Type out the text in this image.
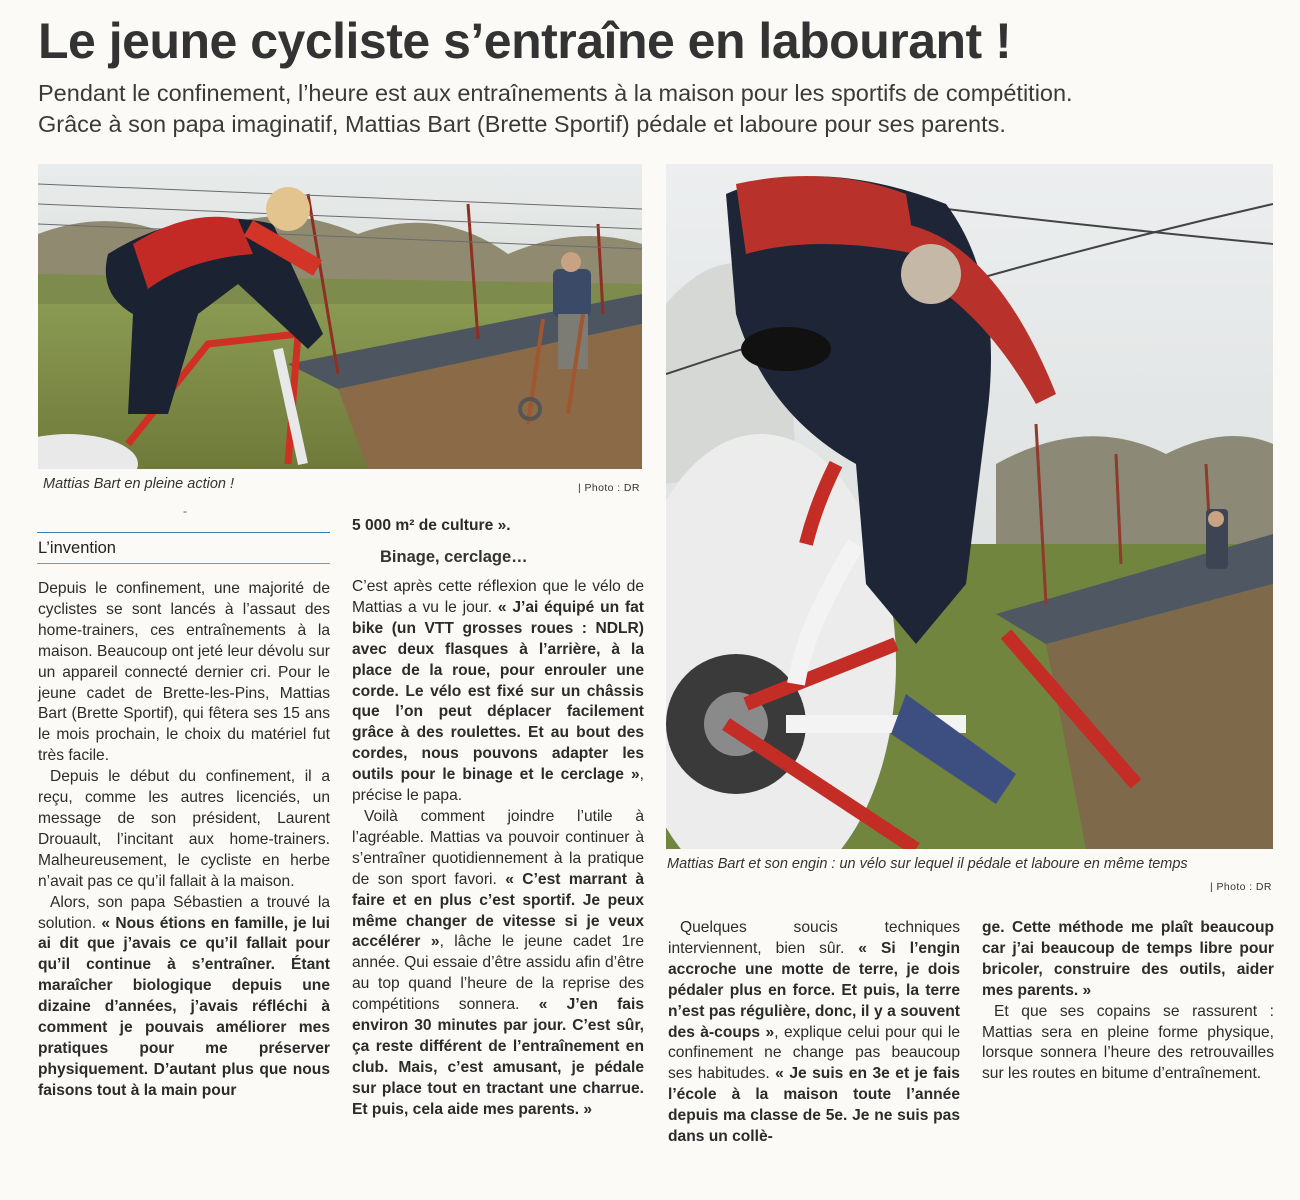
Le jeune cycliste s’entraîne en labourant !
Pendant le confinement, l’heure est aux entraînements à la maison pour les sportifs de compétition.
Grâce à son papa imaginatif, Mattias Bart (Brette Sportif) pédale et laboure pour ses parents.
Mattias Bart en pleine action !	| Photo : DR
Mattias Bart et son engin : un vélo sur lequel il pédale et laboure en même temps
| Photo : DR
-
L’invention

Depuis le confinement, une majorité de cyclistes se sont lancés à l’assaut des home-trainers, ces entraînements à la maison. Beaucoup ont jeté leur dévolu sur un appareil connecté dernier cri. Pour le jeune cadet de Brette-les-Pins, Mattias Bart (Brette Sportif), qui fêtera ses 15 ans le mois prochain, le choix du matériel fut très facile.

Depuis le début du confinement, il a reçu, comme les autres licenciés, un message de son président, Laurent Drouault, l’incitant aux home-trainers. Malheureusement, le cycliste en herbe n’avait pas ce qu’il fallait à la maison.

Alors, son papa Sébastien a trouvé la solution. « Nous étions en famille, je lui ai dit que j’avais ce qu’il fallait pour qu’il continue à s’entraîner. Étant maraîcher biologique depuis une dizaine d’années, j’avais réfléchi à comment je pouvais améliorer mes pratiques pour me préserver physiquement. D’autant plus que nous faisons tout à la main pour

5 000 m² de culture ».

Binage, cerclage…

C’est après cette réflexion que le vélo de Mattias a vu le jour. « J’ai équipé un fat bike (un VTT grosses roues : NDLR) avec deux flasques à l’arrière, à la place de la roue, pour enrouler une corde. Le vélo est fixé sur un châssis que l’on peut déplacer facilement grâce à des roulettes. Et au bout des cordes, nous pouvons adapter les outils pour le binage et le cerclage », précise le papa.

Voilà comment joindre l’utile à l’agréable. Mattias va pouvoir continuer à s’entraîner quotidiennement à la pratique de son sport favori. « C’est marrant à faire et en plus c’est sportif. Je peux même changer de vitesse si je veux accélérer », lâche le jeune cadet 1re année. Qui essaie d’être assidu afin d’être au top quand l’heure de la reprise des compétitions sonnera. « J’en fais environ 30 minutes par jour. C’est sûr, ça reste différent de l’entraînement en club. Mais, c’est amusant, je pédale sur place tout en tractant une charrue. Et puis, cela aide mes parents. »

Quelques soucis techniques interviennent, bien sûr. « Si l’engin accroche une motte de terre, je dois pédaler plus en force. Et puis, la terre n’est pas régulière, donc, il y a souvent des à-coups », explique celui pour qui le confinement ne change pas beaucoup ses habitudes. « Je suis en 3e et je fais l’école à la maison toute l’année depuis ma classe de 5e. Je ne suis pas dans un collè-

ge. Cette méthode me plaît beaucoup car j’ai beaucoup de temps libre pour bricoler, construire des outils, aider mes parents. »

Et que ses copains se rassurent : Mattias sera en pleine forme physique, lorsque sonnera l’heure des retrouvailles sur les routes en bitume d’entraînement.
